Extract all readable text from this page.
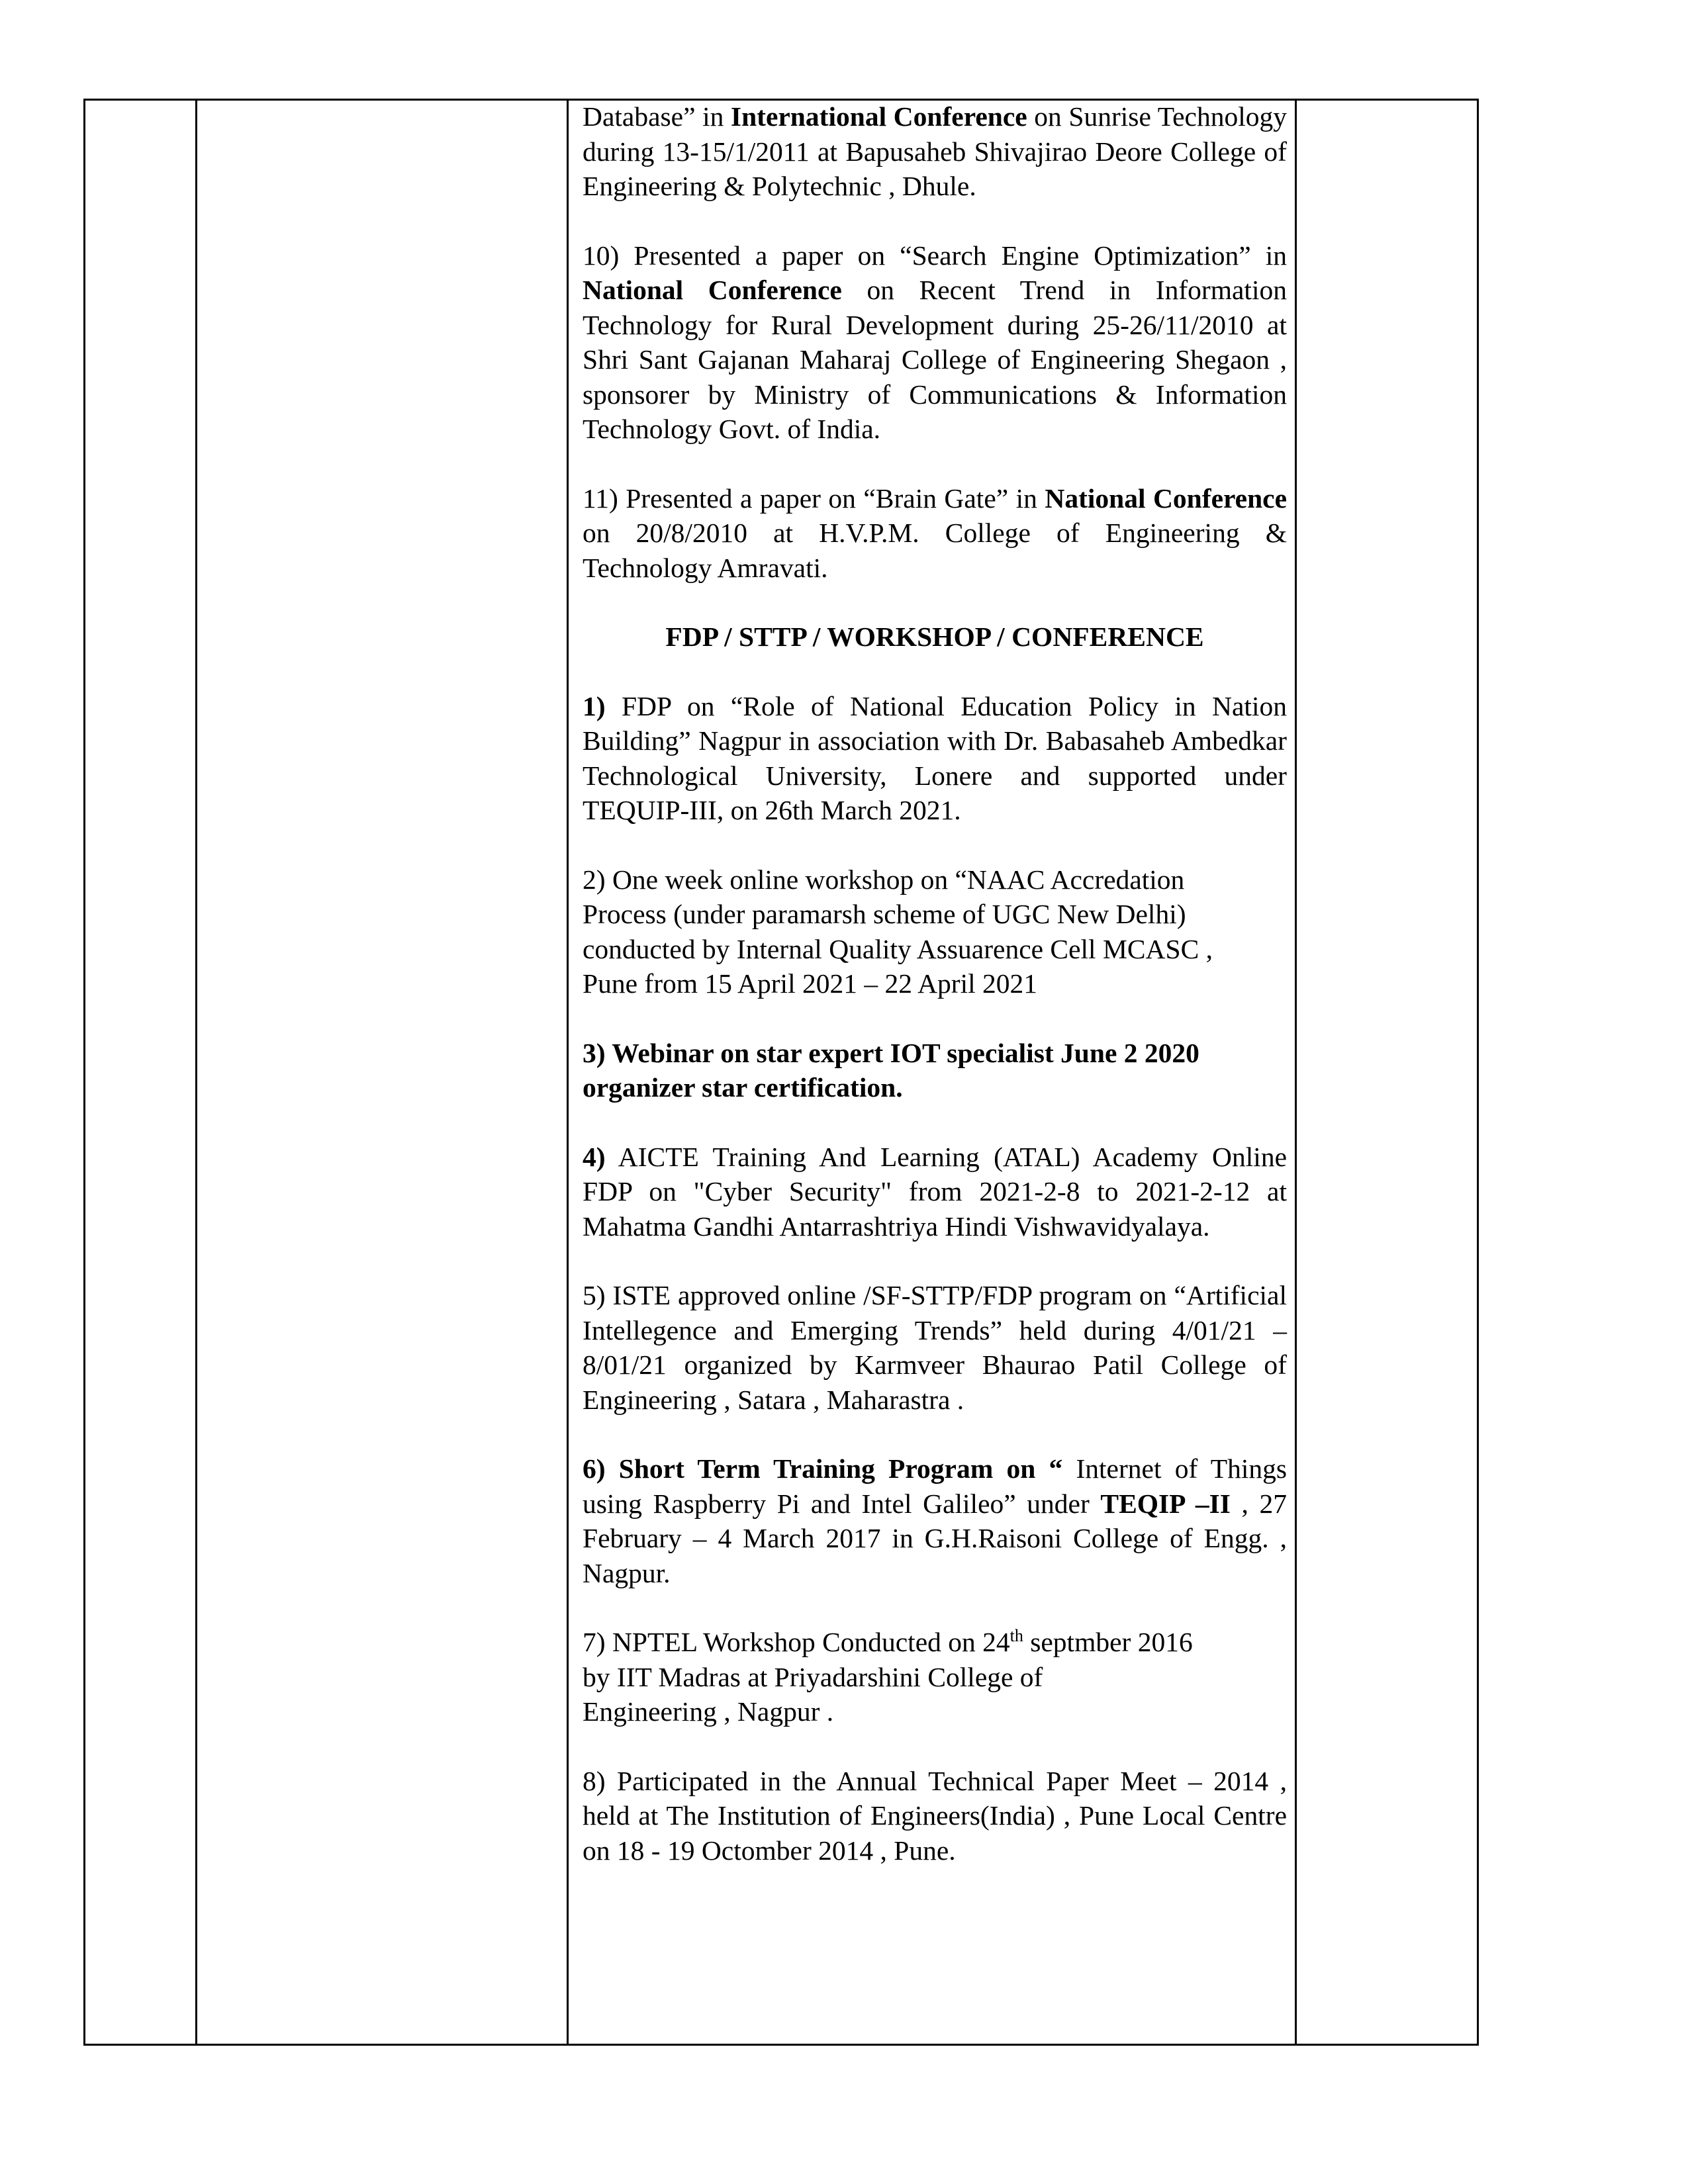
Database” in International Conference on Sunrise Technology during 13-15/1/2011 at Bapusaheb Shivajirao Deore College of Engineering & Polytechnic , Dhule.

10) Presented a paper on “Search Engine Optimization” in National Conference on Recent Trend in Information Technology for Rural Development during 25-26/11/2010 at Shri Sant Gajanan Maharaj College of Engineering Shegaon , sponsorer by Ministry of Communications & Information Technology Govt. of India.

11) Presented a paper on “Brain Gate” in National Conference on 20/8/2010 at H.V.P.M. College of Engineering & Technology Amravati.

FDP / STTP / WORKSHOP / CONFERENCE

1) FDP on “Role of National Education Policy in Nation Building” Nagpur in association with Dr. Babasaheb Ambedkar Technological University, Lonere and supported under TEQUIP-III, on 26th March 2021.

2) One week online workshop on “NAAC Accredation
Process (under paramarsh scheme of UGC New Delhi)
conducted by Internal Quality Assuarence Cell MCASC ,
Pune from 15 April 2021 – 22 April 2021

3) Webinar on star expert IOT specialist June 2 2020
organizer star certification.

4) AICTE Training And Learning (ATAL) Academy Online FDP on "Cyber Security" from 2021-2-8 to 2021-2-12 at Mahatma Gandhi Antarrashtriya Hindi Vishwavidyalaya.

5) ISTE approved online /SF-STTP/FDP program on “Artificial Intellegence and Emerging Trends” held during 4/01/21 – 8/01/21 organized by Karmveer Bhaurao Patil College of Engineering , Satara , Maharastra .

6) Short Term Training Program on “ Internet of Things using Raspberry Pi and Intel Galileo” under TEQIP –II , 27 February – 4 March 2017 in G.H.Raisoni College of Engg. , Nagpur.

7) NPTEL Workshop Conducted on 24th septmber 2016
by IIT Madras at Priyadarshini College of
Engineering , Nagpur .

8) Participated in the Annual Technical Paper Meet – 2014 , held at The Institution of Engineers(India) , Pune Local Centre on 18 - 19 Octomber 2014 , Pune.
